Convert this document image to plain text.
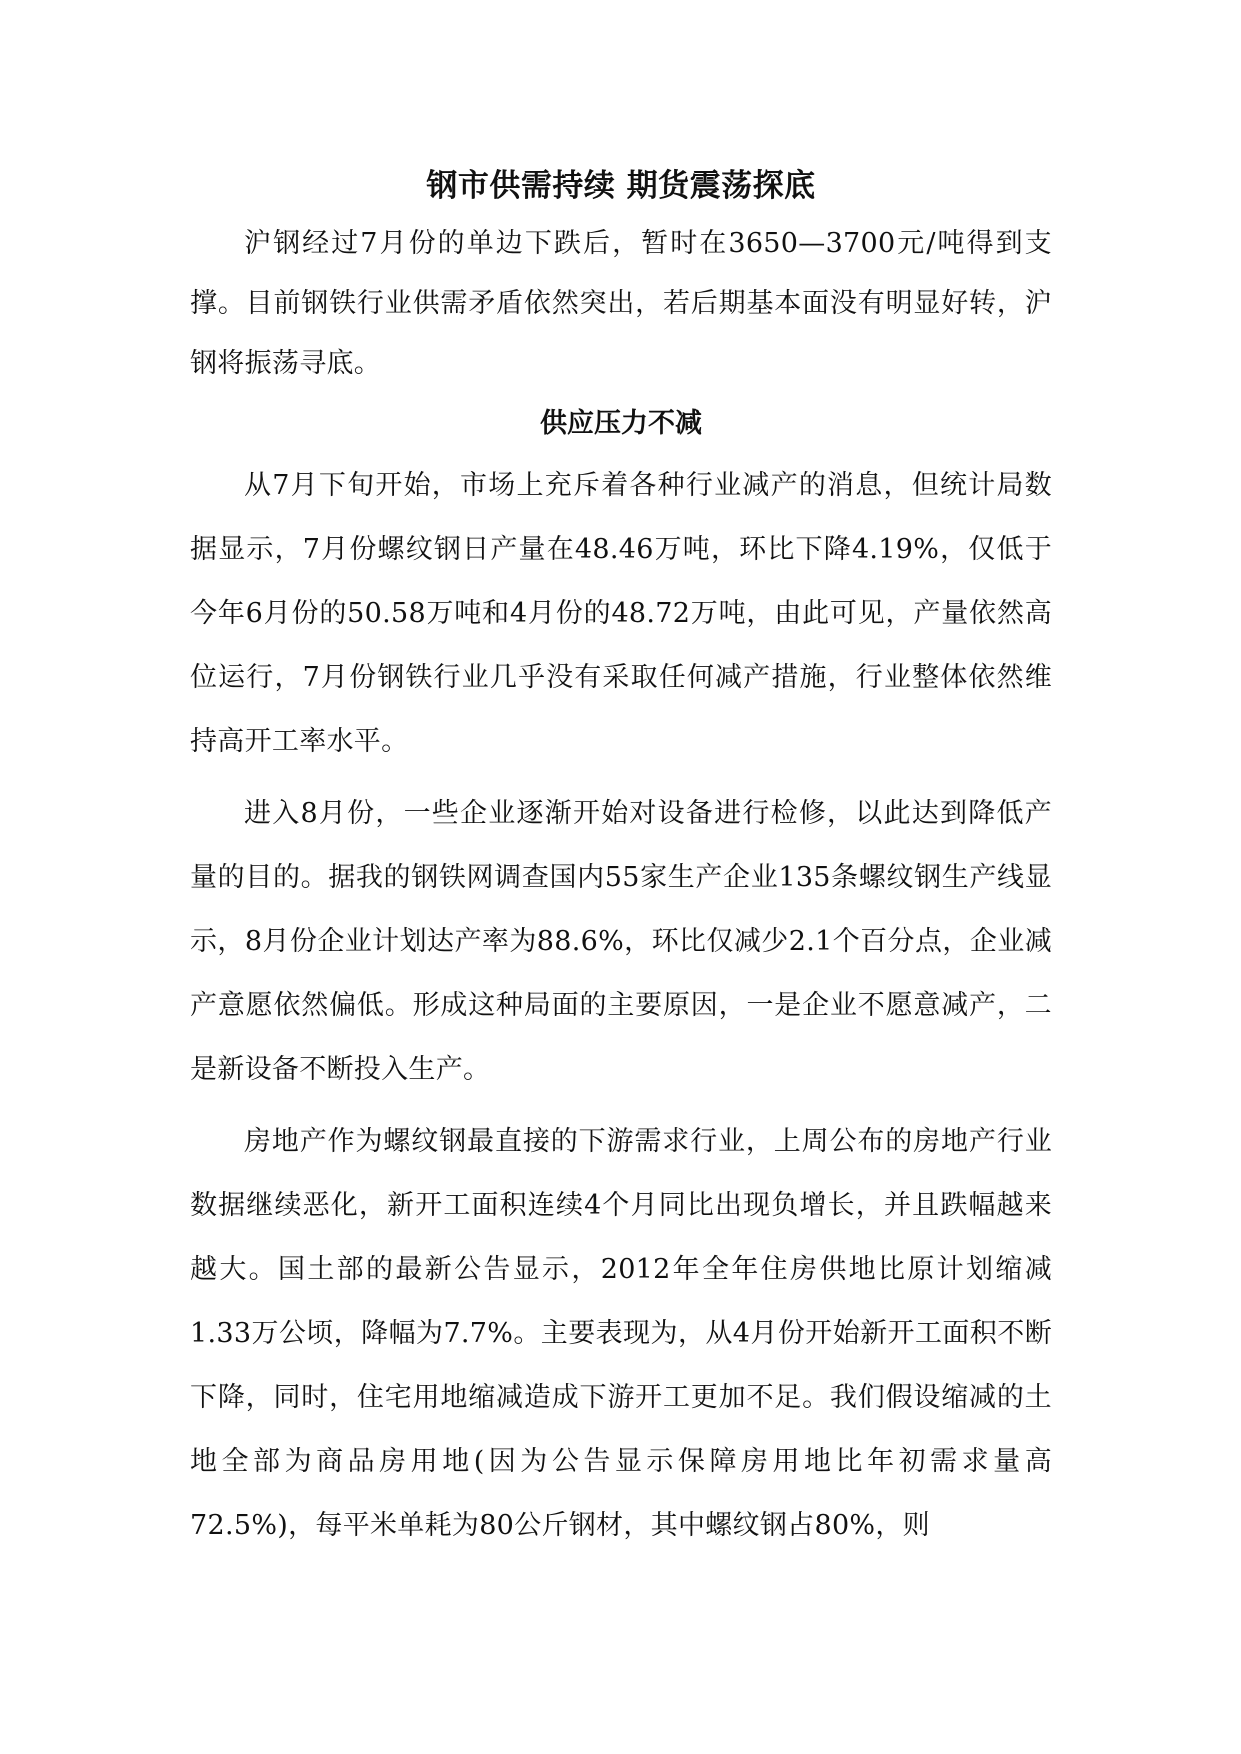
钢市供需持续 期货震荡探底

沪钢经过7月份的单边下跌后，暂时在3650—3700元/吨得到支撑。目前钢铁行业供需矛盾依然突出，若后期基本面没有明显好转，沪钢将振荡寻底。

供应压力不减

从7月下旬开始，市场上充斥着各种行业减产的消息，但统计局数据显示，7月份螺纹钢日产量在48.46万吨，环比下降4.19%，仅低于今年6月份的50.58万吨和4月份的48.72万吨，由此可见，产量依然高位运行，7月份钢铁行业几乎没有采取任何减产措施，行业整体依然维持高开工率水平。

进入8月份，一些企业逐渐开始对设备进行检修，以此达到降低产量的目的。据我的钢铁网调查国内55家生产企业135条螺纹钢生产线显示，8月份企业计划达产率为88.6%，环比仅减少2.1个百分点，企业减产意愿依然偏低。形成这种局面的主要原因，一是企业不愿意减产，二是新设备不断投入生产。

房地产作为螺纹钢最直接的下游需求行业，上周公布的房地产行业数据继续恶化，新开工面积连续4个月同比出现负增长，并且跌幅越来越大。国土部的最新公告显示，2012年全年住房供地比原计划缩减1.33万公顷，降幅为7.7%。主要表现为，从4月份开始新开工面积不断下降，同时，住宅用地缩减造成下游开工更加不足。我们假设缩减的土地全部为商品房用地(因为公告显示保障房用地比年初需求量高72.5%)，每平米单耗为80公斤钢材，其中螺纹钢占80%，则
